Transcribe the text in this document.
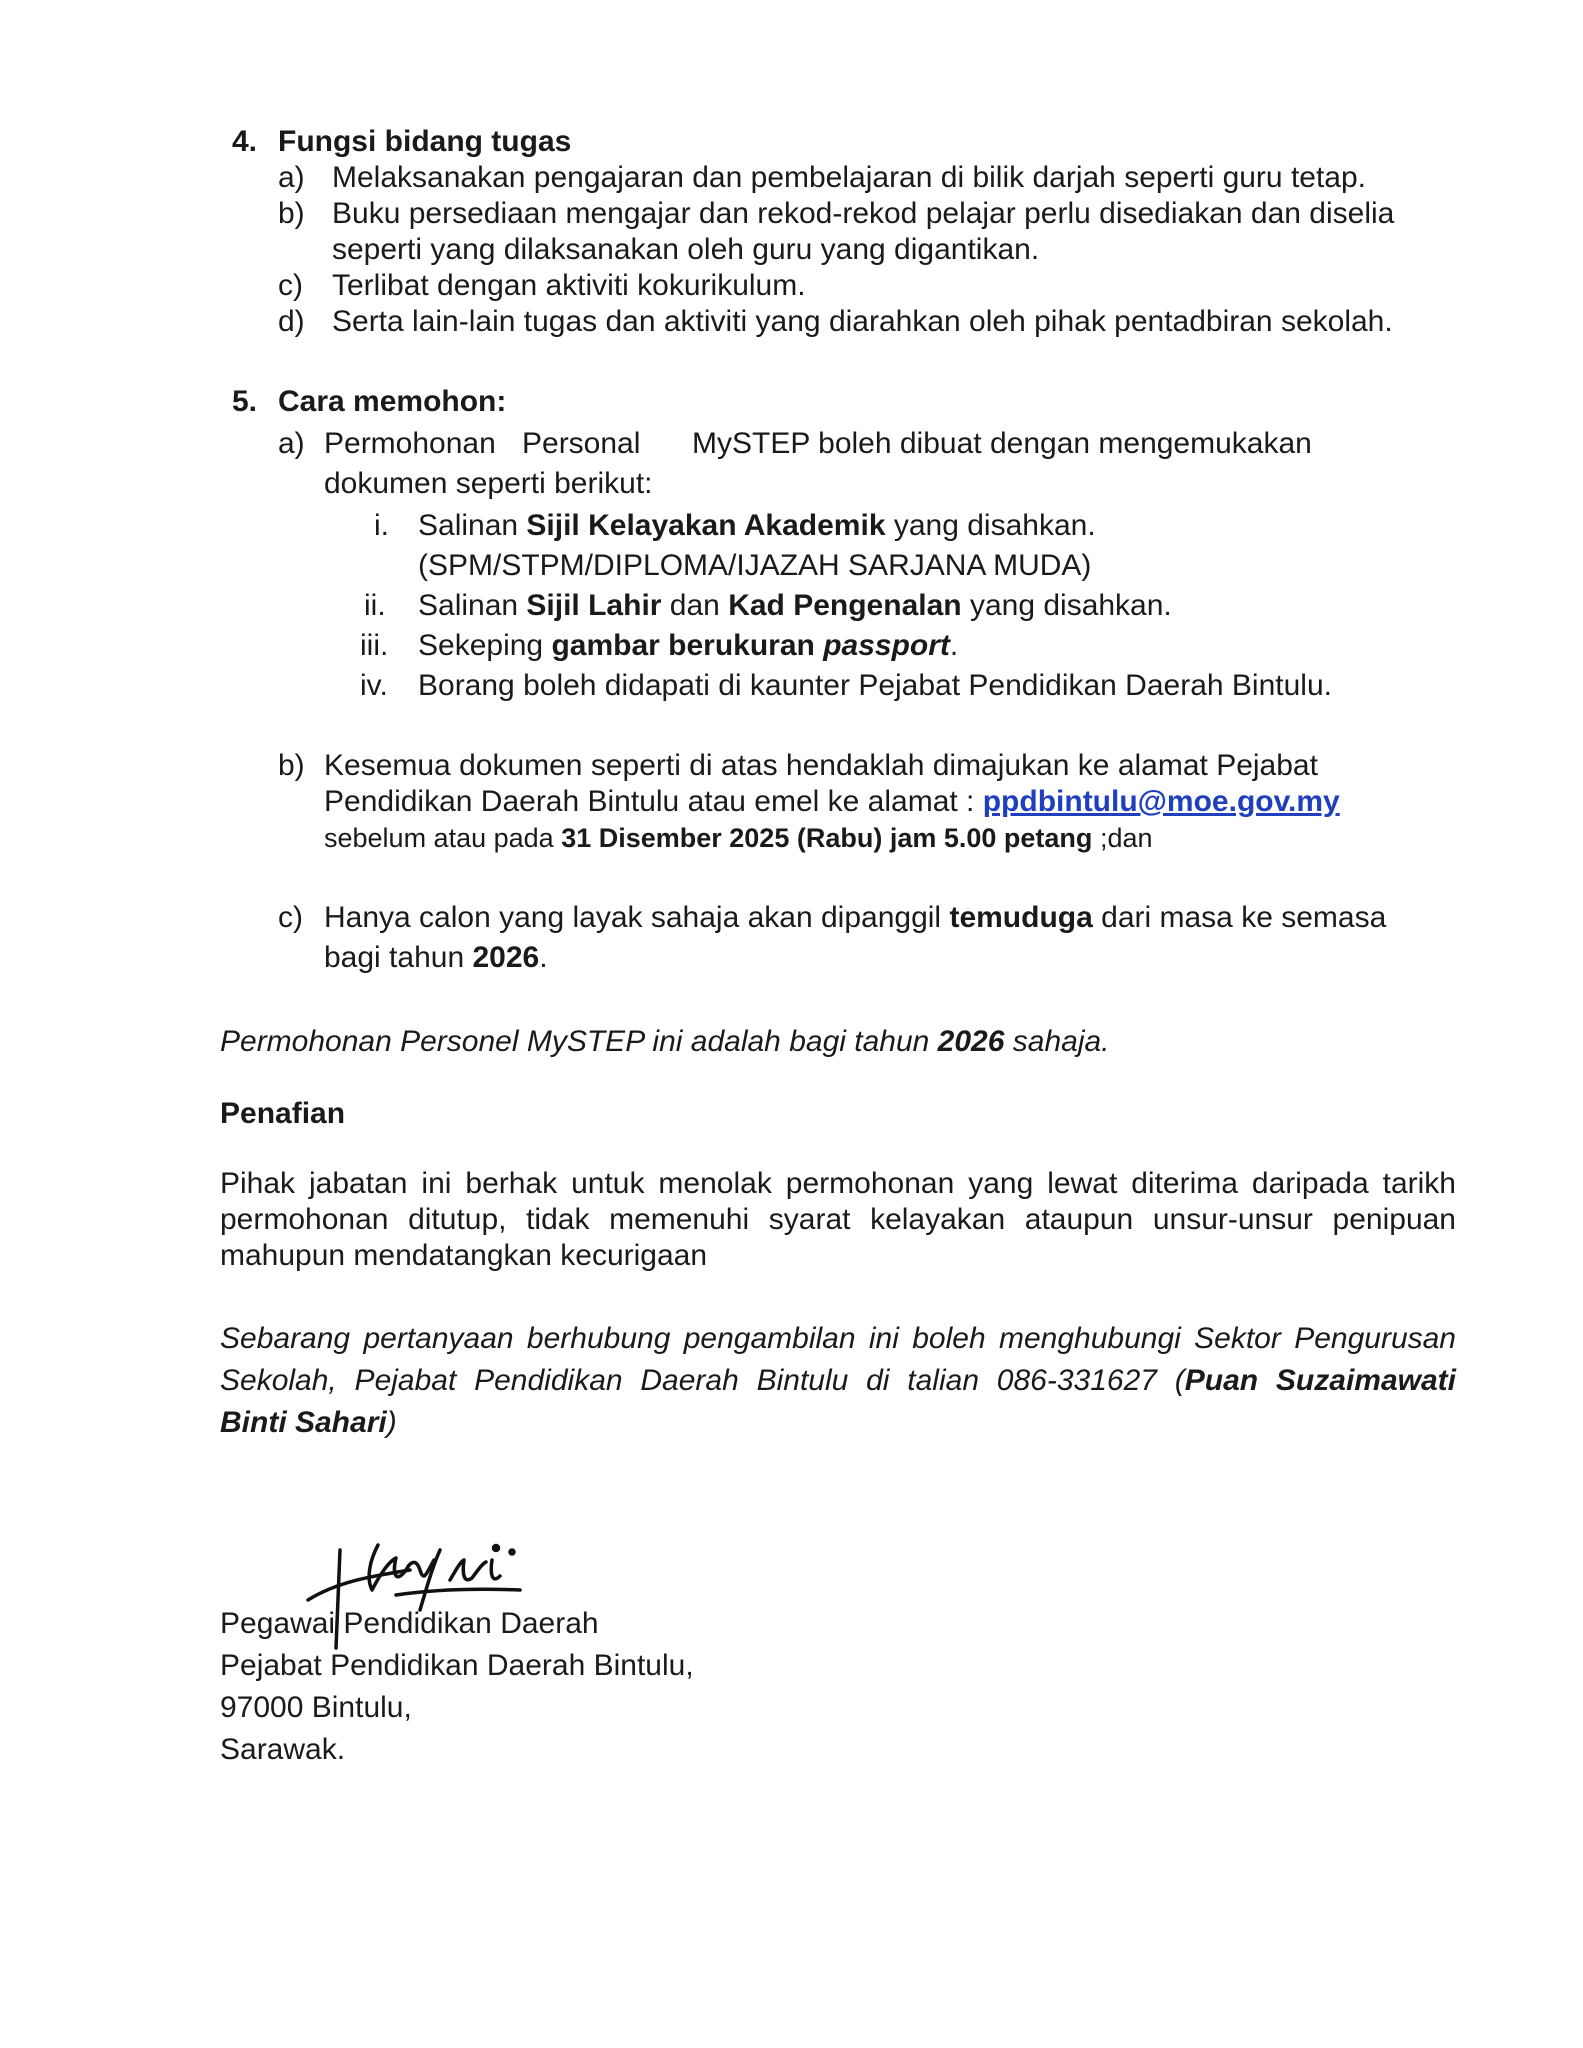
4. Fungsi bidang tugas
a) Melaksanakan pengajaran dan pembelajaran di bilik darjah seperti guru tetap.
b) Buku persediaan mengajar dan rekod-rekod pelajar perlu disediakan dan diselia
seperti yang dilaksanakan oleh guru yang digantikan.
c) Terlibat dengan aktiviti kokurikulum.
d) Serta lain-lain tugas dan aktiviti yang diarahkan oleh pihak pentadbiran sekolah.
5. Cara memohon:
a) Permohonan Personal MySTEP boleh dibuat dengan mengemukakan
dokumen seperti berikut:
i. Salinan Sijil Kelayakan Akademik yang disahkan.
(SPM/STPM/DIPLOMA/IJAZAH SARJANA MUDA)
ii. Salinan Sijil Lahir dan Kad Pengenalan yang disahkan.
iii. Sekeping gambar berukuran passport.
iv. Borang boleh didapati di kaunter Pejabat Pendidikan Daerah Bintulu.
b) Kesemua dokumen seperti di atas hendaklah dimajukan ke alamat Pejabat
Pendidikan Daerah Bintulu atau emel ke alamat : ppdbintulu@moe.gov.my
sebelum atau pada 31 Disember 2025 (Rabu) jam 5.00 petang ;dan
c) Hanya calon yang layak sahaja akan dipanggil temuduga dari masa ke semasa
bagi tahun 2026.
Permohonan Personel MySTEP ini adalah bagi tahun 2026 sahaja.
Penafian
Pihak jabatan ini berhak untuk menolak permohonan yang lewat diterima daripada tarikh
permohonan ditutup, tidak memenuhi syarat kelayakan ataupun unsur-unsur penipuan
mahupun mendatangkan kecurigaan
Sebarang pertanyaan berhubung pengambilan ini boleh menghubungi Sektor Pengurusan
Sekolah, Pejabat Pendidikan Daerah Bintulu di talian 086-331627 (Puan Suzaimawati
Binti Sahari)
Pegawai Pendidikan Daerah
Pejabat Pendidikan Daerah Bintulu,
97000 Bintulu,
Sarawak.
